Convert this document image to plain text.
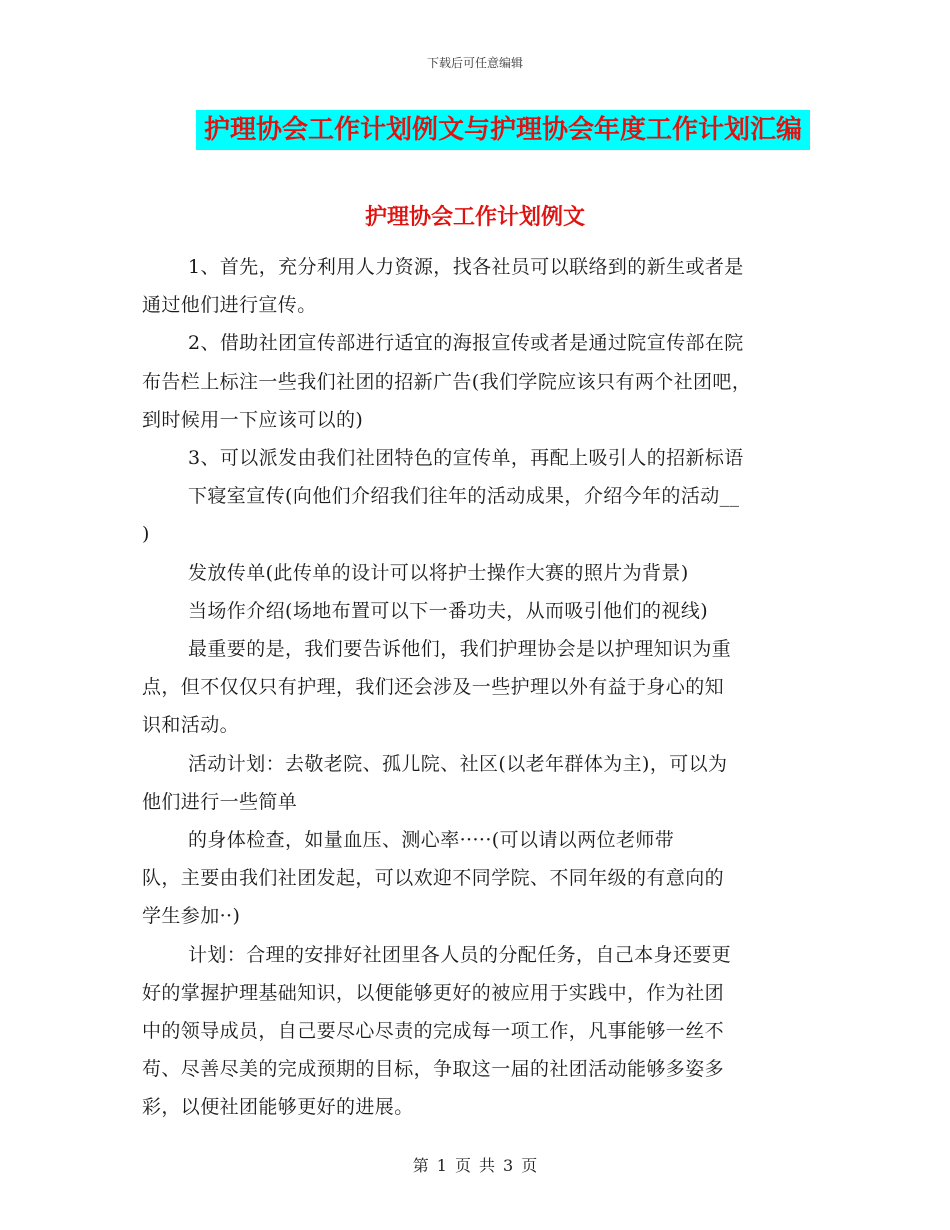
下载后可任意编辑
护理协会工作计划例文与护理协会年度工作计划汇编
护理协会工作计划例文
1、首先，充分利用人力资源，找各社员可以联络到的新生或者是
通过他们进行宣传。
2、借助社团宣传部进行适宜的海报宣传或者是通过院宣传部在院
布告栏上标注一些我们社团的招新广告(我们学院应该只有两个社团吧，
到时候用一下应该可以的)
3、可以派发由我们社团特色的宣传单，再配上吸引人的招新标语
下寝室宣传(向他们介绍我们往年的活动成果，介绍今年的活动__
)
发放传单(此传单的设计可以将护士操作大赛的照片为背景)
当场作介绍(场地布置可以下一番功夫，从而吸引他们的视线)
最重要的是，我们要告诉他们，我们护理协会是以护理知识为重
点，但不仅仅只有护理，我们还会涉及一些护理以外有益于身心的知
识和活动。
活动计划：去敬老院、孤儿院、社区(以老年群体为主)，可以为
他们进行一些简单
的身体检查，如量血压、测心率·····(可以请以两位老师带
队，主要由我们社团发起，可以欢迎不同学院、不同年级的有意向的
学生参加··)
计划：合理的安排好社团里各人员的分配任务，自己本身还要更
好的掌握护理基础知识，以便能够更好的被应用于实践中，作为社团
中的领导成员，自己要尽心尽责的完成每一项工作，凡事能够一丝不
苟、尽善尽美的完成预期的目标，争取这一届的社团活动能够多姿多
彩，以便社团能够更好的进展。
第 1 页 共 3 页
